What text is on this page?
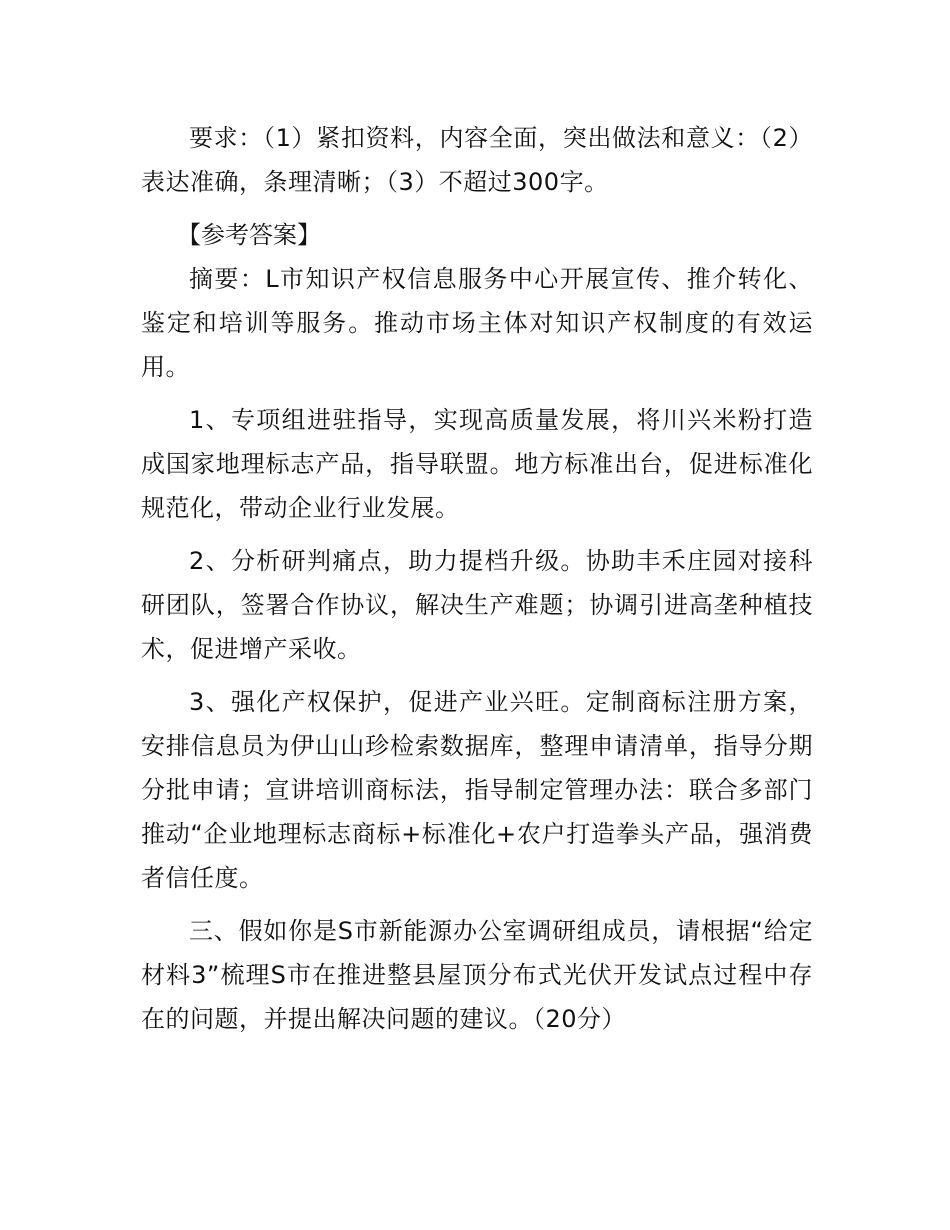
要求：（1）紧扣资料，内容全面，突出做法和意义：（2）表达准确，条理清晰；（3）不超过300字。

【参考答案】

摘要：L市知识产权信息服务中心开展宣传、推介转化、鉴定和培训等服务。推动市场主体对知识产权制度的有效运用。

1、专项组进驻指导，实现高质量发展，将川兴米粉打造成国家地理标志产品，指导联盟。地方标准出台，促进标准化规范化，带动企业行业发展。

2、分析研判痛点，助力提档升级。协助丰禾庄园对接科研团队，签署合作协议，解决生产难题；协调引进高垄种植技术，促进增产采收。

3、强化产权保护，促进产业兴旺。定制商标注册方案，安排信息员为伊山山珍检索数据库，整理申请清单，指导分期分批申请；宣讲培训商标法，指导制定管理办法：联合多部门推动“企业地理标志商标+标准化+农户打造拳头产品，强消费者信任度。

三、假如你是S市新能源办公室调研组成员，请根据“给定材料3”梳理S市在推进整县屋顶分布式光伏开发试点过程中存在的问题，并提出解决问题的建议。（20分）
